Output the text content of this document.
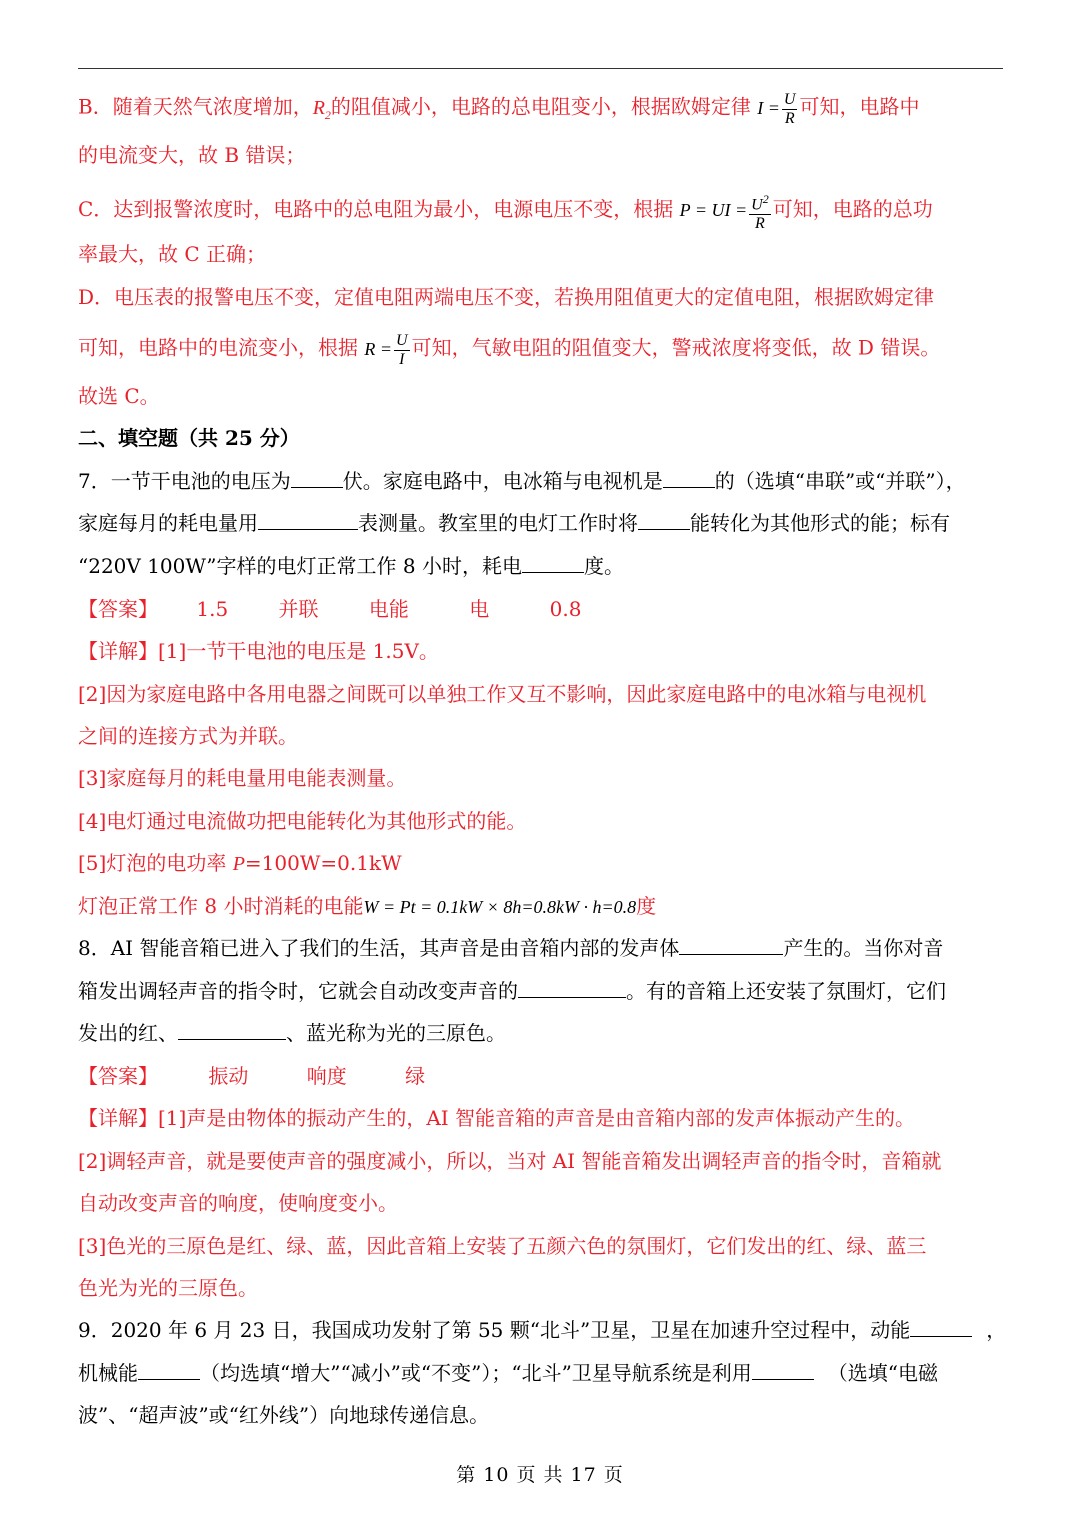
B．随着天然气浓度增加，$R_2$的阻值减小，电路的总电阻变小，根据欧姆定律 $I = \frac{U}{R}$ 可知，电路中
的电流变大，故 B 错误；
C．达到报警浓度时，电路中的总电阻为最小，电源电压不变，根据 P = UI = $\frac{U^2}{R}$ 可知，电路的总功
率最大，故 C 正确；
D．电压表的报警电压不变，定值电阻两端电压不变，若换用阻值更大的定值电阻，根据欧姆定律
可知，电路中的电流变小，根据 $R = \frac{U}{I}$ 可知，气敏电阻的阻值变大，警戒浓度将变低，故 D 错误。
故选 C。
二、填空题（共 25 分）
7．一节干电池的电压为	伏。家庭电路中，电冰箱与电视机是	的（选填“串联”或“并联”），
家庭每月的耗电量用	表测量。教室里的电灯工作时将	能转化为其他形式的能；标有
“220V 100W”字样的电灯正常工作 8 小时，耗电	度。
【答案】 1.5	并联	电能	电	0.8
【详解】[1]一节干电池的电压是 1.5V。
[2]因为家庭电路中各用电器之间既可以单独工作又互不影响，因此家庭电路中的电冰箱与电视机
之间的连接方式为并联。
[3]家庭每月的耗电量用电能表测量。
[4]电灯通过电流做功把电能转化为其他形式的能。
[5]灯泡的电功率 P=100W=0.1kW
灯泡正常工作 8 小时消耗的电能W = Pt = 0.1kW × 8h=0.8kW · h=0.8度
8．AI 智能音箱已进入了我们的生活，其声音是由音箱内部的发声体	产生的。当你对音
箱发出调轻声音的指令时，它就会自动改变声音的	。有的音箱上还安装了氛围灯，它们
发出的红、	、蓝光称为光的三原色。
【答案】	振动	响度	绿
【详解】[1]声是由物体的振动产生的，AI 智能音箱的声音是由音箱内部的发声体振动产生的。
[2]调轻声音，就是要使声音的强度减小，所以，当对 AI 智能音箱发出调轻声音的指令时，音箱就
自动改变声音的响度，使响度变小。
[3]色光的三原色是红、绿、蓝，因此音箱上安装了五颜六色的氛围灯，它们发出的红、绿、蓝三
色光为光的三原色。
9．2020 年 6 月 23 日，我国成功发射了第 55 颗“北斗”卫星，卫星在加速升空过程中，动能	，
机械能	（均选填“增大”“减小”或“不变”）；“北斗”卫星导航系统是利用	（选填“电磁
波”、“超声波”或“红外线”）向地球传递信息。
第 10 页 共 17 页
